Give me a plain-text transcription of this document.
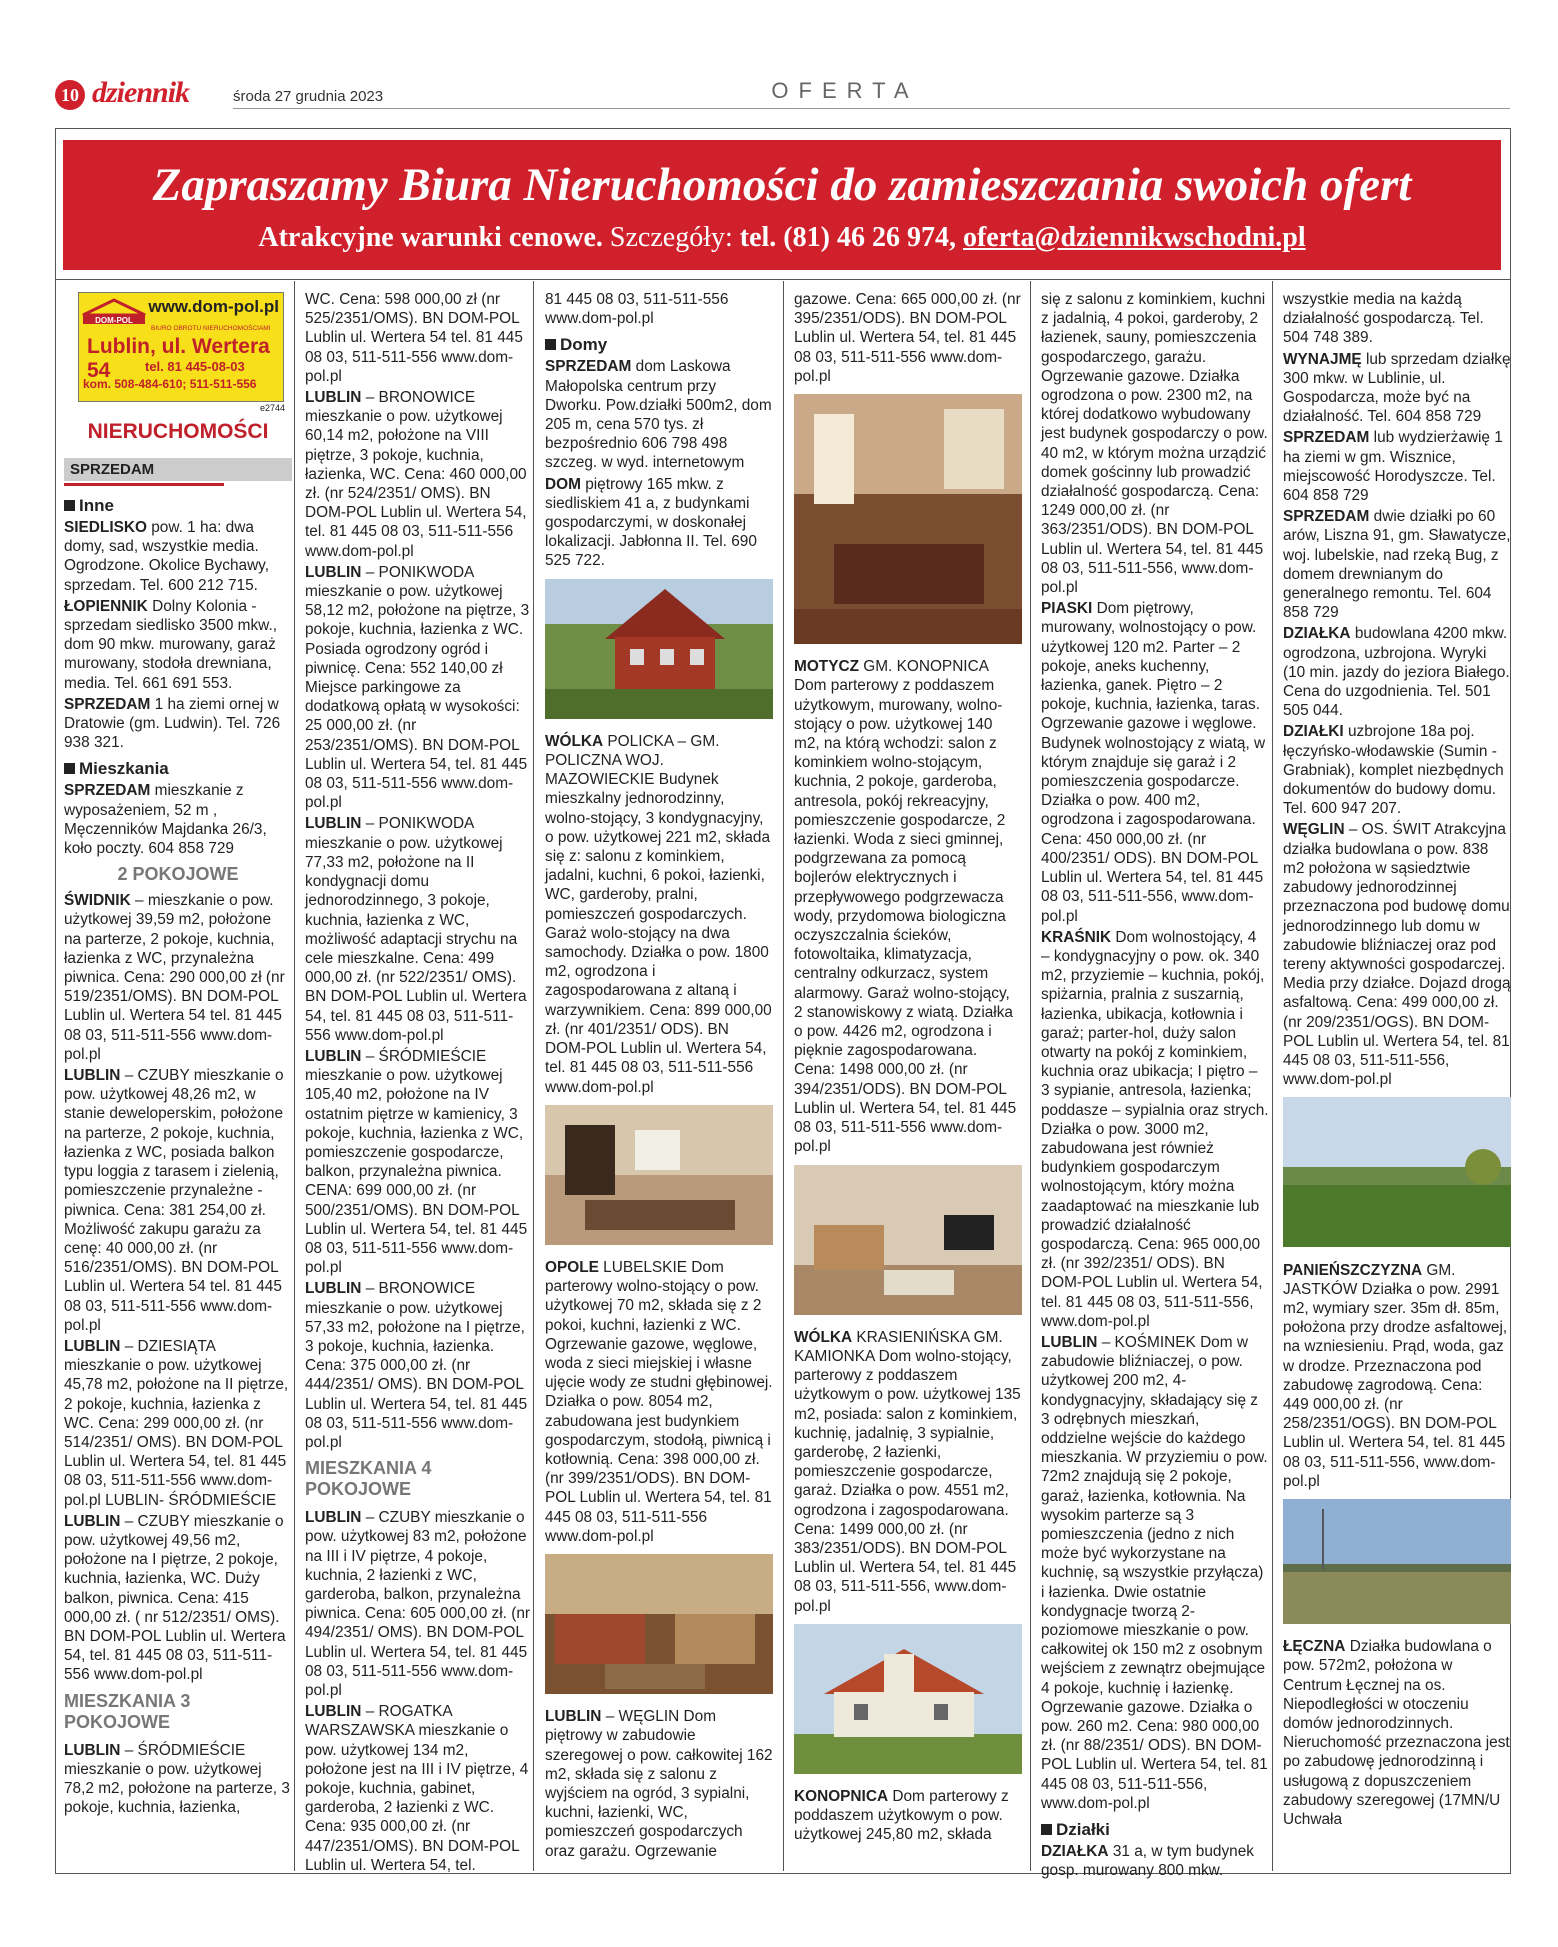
10 dziennik	środa 27 grudnia 2023	OFERTA
Zapraszamy Biura Nieruchomości do zamieszczania swoich ofert
Atrakcyjne warunki cenowe. Szczegóły: tel. (81) 46 26 974, oferta@dziennikwschodni.pl
DOM-POL
www.dom-pol.pl
BIURO OBROTU NIERUCHOMOŚCIAMI
Lublin, ul. Wertera 54	tel. 81 445-08-03
kom. 508-484-610; 511-511-556
e2744
NIERUCHOMOŚCI
SPRZEDAM
Inne

SIEDLISKO pow. 1 ha: dwa domy, sad, wszystkie media. Ogrodzone. Okolice Bychawy, sprzedam. Tel. 600 212 715.

ŁOPIENNIK Dolny Kolonia - sprzedam siedlisko 3500 mkw., dom 90 mkw. murowany, garaż murowany, stodoła drewniana, media. Tel. 661 691 553.

SPRZEDAM 1 ha ziemi ornej w Dratowie (gm. Ludwin). Tel. 726 938 321.

Mieszkania

SPRZEDAM mieszkanie z wyposażeniem, 52 m , Męczenników Majdanka 26/3, koło poczty. 604 858 729

2 POKOJOWE

ŚWIDNIK – mieszkanie o pow. użytkowej 39,59 m2, położone na parterze, 2 pokoje, kuchnia, łazienka z WC, przynależna piwnica. Cena: 290 000,00 zł (nr 519/2351/OMS). BN DOM-POL Lublin ul. Wertera 54 tel. 81 445 08 03, 511-511-556 www.dom-pol.pl

LUBLIN – CZUBY mieszkanie o pow. użytkowej 48,26 m2, w stanie deweloperskim, położone na parterze, 2 pokoje, kuchnia, łazienka z WC, posiada balkon typu loggia z tarasem i zielenią, pomieszczenie przynależne - piwnica. Cena: 381 254,00 zł. Możliwość zakupu garażu za cenę: 40 000,00 zł. (nr 516/2351/OMS). BN DOM-POL Lublin ul. Wertera 54 tel. 81 445 08 03, 511-511-556 www.dom-pol.pl

LUBLIN – DZIESIĄTA mieszkanie o pow. użytkowej 45,78 m2, położone na II piętrze, 2 pokoje, kuchnia, łazienka z WC. Cena: 299 000,00 zł. (nr 514/2351/ OMS). BN DOM-POL Lublin ul. Wertera 54, tel. 81 445 08 03, 511-511-556 www.dom-pol.pl LUBLIN- ŚRÓDMIEŚCIE

LUBLIN – CZUBY mieszkanie o pow. użytkowej 49,56 m2, położone na I piętrze, 2 pokoje, kuchnia, łazienka, WC. Duży balkon, piwnica. Cena: 415 000,00 zł. ( nr 512/2351/ OMS). BN DOM-POL Lublin ul. Wertera 54, tel. 81 445 08 03, 511-511-556 www.dom-pol.pl

MIESZKANIA 3 POKOJOWE

LUBLIN – ŚRÓDMIEŚCIE mieszkanie o pow. użytkowej 78,2 m2, położone na parterze, 3 pokoje, kuchnia, łazienka,

WC. Cena: 598 000,00 zł (nr 525/2351/OMS). BN DOM-POL Lublin ul. Wertera 54 tel. 81 445 08 03, 511-511-556 www.dom-pol.pl

LUBLIN – BRONOWICE mieszkanie o pow. użytkowej 60,14 m2, położone na VIII piętrze, 3 pokoje, kuchnia, łazienka, WC. Cena: 460 000,00 zł. (nr 524/2351/ OMS). BN DOM-POL Lublin ul. Wertera 54, tel. 81 445 08 03, 511-511-556 www.dom-pol.pl

LUBLIN – PONIKWODA mieszkanie o pow. użytkowej 58,12 m2, położone na piętrze, 3 pokoje, kuchnia, łazienka z WC. Posiada ogrodzony ogród i piwnicę. Cena: 552 140,00 zł Miejsce parkingowe za dodatkową opłatą w wysokości: 25 000,00 zł. (nr 253/2351/OMS). BN DOM-POL Lublin ul. Wertera 54, tel. 81 445 08 03, 511-511-556 www.dom-pol.pl

LUBLIN – PONIKWODA mieszkanie o pow. użytkowej 77,33 m2, położone na II kondygnacji domu jednorodzinnego, 3 pokoje, kuchnia, łazienka z WC, możliwość adaptacji strychu na cele mieszkalne. Cena: 499 000,00 zł. (nr 522/2351/ OMS). BN DOM-POL Lublin ul. Wertera 54, tel. 81 445 08 03, 511-511-556 www.dom-pol.pl

LUBLIN – ŚRÓDMIEŚCIE mieszkanie o pow. użytkowej 105,40 m2, położone na IV ostatnim piętrze w kamienicy, 3 pokoje, kuchnia, łazienka z WC, pomieszczenie gospodarcze, balkon, przynależna piwnica. CENA: 699 000,00 zł. (nr 500/2351/OMS). BN DOM-POL Lublin ul. Wertera 54, tel. 81 445 08 03, 511-511-556 www.dom-pol.pl

LUBLIN – BRONOWICE mieszkanie o pow. użytkowej 57,33 m2, położone na I piętrze, 3 pokoje, kuchnia, łazienka. Cena: 375 000,00 zł. (nr 444/2351/ OMS). BN DOM-POL Lublin ul. Wertera 54, tel. 81 445 08 03, 511-511-556 www.dom-pol.pl

MIESZKANIA 4 POKOJOWE

LUBLIN – CZUBY mieszkanie o pow. użytkowej 83 m2, położone na III i IV piętrze, 4 pokoje, kuchnia, 2 łazienki z WC, garderoba, balkon, przynależna piwnica. Cena: 605 000,00 zł. (nr 494/2351/ OMS). BN DOM-POL Lublin ul. Wertera 54, tel. 81 445 08 03, 511-511-556 www.dom-pol.pl

LUBLIN – ROGATKA WARSZAWSKA mieszkanie o pow. użytkowej 134 m2, położone jest na III i IV piętrze, 4 pokoje, kuchnia, gabinet, garderoba, 2 łazienki z WC. Cena: 935 000,00 zł. (nr 447/2351/OMS). BN DOM-POL Lublin ul. Wertera 54, tel.

81 445 08 03, 511-511-556 www.dom-pol.pl

Domy

SPRZEDAM dom Laskowa Małopolska centrum przy Dworku. Pow.działki 500m2, dom 205 m, cena 570 tys. zł bezpośrednio 606 798 498 szczeg. w wyd. internetowym

DOM piętrowy 165 mkw. z siedliskiem 41 a, z budynkami gospodarczymi, w doskonałej lokalizacji. Jabłonna II. Tel. 690 525 722.

WÓLKA POLICKA – GM. POLICZNA WOJ. MAZOWIECKIE Budynek mieszkalny jednorodzinny, wolno-stojący, 3 kondygnacyjny, o pow. użytkowej 221 m2, składa się z: salonu z kominkiem, jadalni, kuchni, 6 pokoi, łazienki, WC, garderoby, pralni, pomieszczeń gospodarczych. Garaż wolo-stojący na dwa samochody. Działka o pow. 1800 m2, ogrodzona i zagospodarowana z altaną i warzywnikiem. Cena: 899 000,00 zł. (nr 401/2351/ ODS). BN DOM-POL Lublin ul. Wertera 54, tel. 81 445 08 03, 511-511-556 www.dom-pol.pl

OPOLE LUBELSKIE Dom parterowy wolno-stojący o pow. użytkowej 70 m2, składa się z 2 pokoi, kuchni, łazienki z WC. Ogrzewanie gazowe, węglowe, woda z sieci miejskiej i własne ujęcie wody ze studni głębinowej. Działka o pow. 8054 m2, zabudowana jest budynkiem gospodarczym, stodołą, piwnicą i kotłownią. Cena: 398 000,00 zł. (nr 399/2351/ODS). BN DOM-POL Lublin ul. Wertera 54, tel. 81 445 08 03, 511-511-556 www.dom-pol.pl

LUBLIN – WĘGLIN Dom piętrowy w zabudowie szeregowej o pow. całkowitej 162 m2, składa się z salonu z wyjściem na ogród, 3 sypialni, kuchni, łazienki, WC, pomieszczeń gospodarczych oraz garażu. Ogrzewanie

gazowe. Cena: 665 000,00 zł. (nr 395/2351/ODS). BN DOM-POL Lublin ul. Wertera 54, tel. 81 445 08 03, 511-511-556 www.dom-pol.pl

MOTYCZ GM. KONOPNICA Dom parterowy z poddaszem użytkowym, murowany, wolno-stojący o pow. użytkowej 140 m2, na którą wchodzi: salon z kominkiem wolno-stojącym, kuchnia, 2 pokoje, garderoba, antresola, pokój rekreacyjny, pomieszczenie gospodarcze, 2 łazienki. Woda z sieci gminnej, podgrzewana za pomocą bojlerów elektrycznych i przepływowego podgrzewacza wody, przydomowa biologiczna oczyszczalnia ścieków, fotowoltaika, klimatyzacja, centralny odkurzacz, system alarmowy. Garaż wolno-stojący, 2 stanowiskowy z wiatą. Działka o pow. 4426 m2, ogrodzona i pięknie zagospodarowana. Cena: 1498 000,00 zł. (nr 394/2351/ODS). BN DOM-POL Lublin ul. Wertera 54, tel. 81 445 08 03, 511-511-556 www.dom-pol.pl

WÓLKA KRASIENIŃSKA GM. KAMIONKA Dom wolno-stojący, parterowy z poddaszem użytkowym o pow. użytkowej 135 m2, posiada: salon z kominkiem, kuchnię, jadalnię, 3 sypialnie, garderobę, 2 łazienki, pomieszczenie gospodarcze, garaż. Działka o pow. 4551 m2, ogrodzona i zagospodarowana. Cena: 1499 000,00 zł. (nr 383/2351/ODS). BN DOM-POL Lublin ul. Wertera 54, tel. 81 445 08 03, 511-511-556, www.dom-pol.pl

KONOPNICA Dom parterowy z poddaszem użytkowym o pow. użytkowej 245,80 m2, składa

się z salonu z kominkiem, kuchni z jadalnią, 4 pokoi, garderoby, 2 łazienek, sauny, pomieszczenia gospodarczego, garażu. Ogrzewanie gazowe. Działka ogrodzona o pow. 2300 m2, na której dodatkowo wybudowany jest budynek gospodarczy o pow. 40 m2, w którym można urządzić domek gościnny lub prowadzić działalność gospodarczą. Cena: 1249 000,00 zł. (nr 363/2351/ODS). BN DOM-POL Lublin ul. Wertera 54, tel. 81 445 08 03, 511-511-556, www.dom-pol.pl

PIASKI Dom piętrowy, murowany, wolnostojący o pow. użytkowej 120 m2. Parter – 2 pokoje, aneks kuchenny, łazienka, ganek. Piętro – 2 pokoje, kuchnia, łazienka, taras. Ogrzewanie gazowe i węglowe. Budynek wolnostojący z wiatą, w którym znajduje się garaż i 2 pomieszczenia gospodarcze. Działka o pow. 400 m2, ogrodzona i zagospodarowana. Cena: 450 000,00 zł. (nr 400/2351/ ODS). BN DOM-POL Lublin ul. Wertera 54, tel. 81 445 08 03, 511-511-556, www.dom-pol.pl

KRAŚNIK Dom wolnostojący, 4 – kondygnacyjny o pow. ok. 340 m2, przyziemie – kuchnia, pokój, spiżarnia, pralnia z suszarnią, łazienka, ubikacja, kotłownia i garaż; parter-hol, duży salon otwarty na pokój z kominkiem, kuchnia oraz ubikacja; I piętro – 3 sypianie, antresola, łazienka; poddasze – sypialnia oraz strych. Działka o pow. 3000 m2, zabudowana jest również budynkiem gospodarczym wolnostojącym, który można zaadaptować na mieszkanie lub prowadzić działalność gospodarczą. Cena: 965 000,00 zł. (nr 392/2351/ ODS). BN DOM-POL Lublin ul. Wertera 54, tel. 81 445 08 03, 511-511-556, www.dom-pol.pl

LUBLIN – KOŚMINEK Dom w zabudowie bliźniaczej, o pow. użytkowej 200 m2, 4-kondygnacyjny, składający się z 3 odrębnych mieszkań, oddzielne wejście do każdego mieszkania. W przyziemiu o pow. 72m2 znajdują się 2 pokoje, garaż, łazienka, kotłownia. Na wysokim parterze są 3 pomieszczenia (jedno z nich może być wykorzystane na kuchnię, są wszystkie przyłącza) i łazienka. Dwie ostatnie kondygnacje tworzą 2-poziomowe mieszkanie o pow. całkowitej ok 150 m2 z osobnym wejściem z zewnątrz obejmujące 4 pokoje, kuchnię i łazienkę. Ogrzewanie gazowe. Działka o pow. 260 m2. Cena: 980 000,00 zł. (nr 88/2351/ ODS). BN DOM-POL Lublin ul. Wertera 54, tel. 81 445 08 03, 511-511-556, www.dom-pol.pl

Działki

DZIAŁKA 31 a, w tym budynek gosp. murowany 800 mkw.

wszystkie media na każdą działalność gospodarczą. Tel. 504 748 389.

WYNAJMĘ lub sprzedam działkę 300 mkw. w Lublinie, ul. Gospodarcza, może być na działalność. Tel. 604 858 729

SPRZEDAM lub wydzierżawię 1 ha ziemi w gm. Wisznice, miejscowość Horodyszcze. Tel. 604 858 729

SPRZEDAM dwie działki po 60 arów, Liszna 91, gm. Sławatycze, woj. lubelskie, nad rzeką Bug, z domem drewnianym do generalnego remontu. Tel. 604 858 729

DZIAŁKA budowlana 4200 mkw. ogrodzona, uzbrojona. Wyryki (10 min. jazdy do jeziora Białego. Cena do uzgodnienia. Tel. 501 505 044.

DZIAŁKI uzbrojone 18a poj. łęczyńsko-włodawskie (Sumin - Grabniak), komplet niezbędnych dokumentów do budowy domu. Tel. 600 947 207.

WĘGLIN – OS. ŚWIT Atrakcyjna działka budowlana o pow. 838 m2 położona w sąsiedztwie zabudowy jednorodzinnej przeznaczona pod budowę domu jednorodzinnego lub domu w zabudowie bliźniaczej oraz pod tereny aktywności gospodarczej. Media przy działce. Dojazd drogą asfaltową. Cena: 499 000,00 zł. (nr 209/2351/OGS). BN DOM-POL Lublin ul. Wertera 54, tel. 81 445 08 03, 511-511-556, www.dom-pol.pl

PANIEŃSZCZYZNA GM. JASTKÓW Działka o pow. 2991 m2, wymiary szer. 35m dł. 85m, położona przy drodze asfaltowej, na wzniesieniu. Prąd, woda, gaz w drodze. Przeznaczona pod zabudowę zagrodową. Cena: 449 000,00 zł. (nr 258/2351/OGS). BN DOM-POL Lublin ul. Wertera 54, tel. 81 445 08 03, 511-511-556, www.dom-pol.pl

ŁĘCZNA Działka budowlana o pow. 572m2, położona w Centrum Łęcznej na os. Niepodległości w otoczeniu domów jednorodzinnych. Nieruchomość przeznaczona jest po zabudowę jednorodzinną i usługową z dopuszczeniem zabudowy szeregowej (17MN/U Uchwała
